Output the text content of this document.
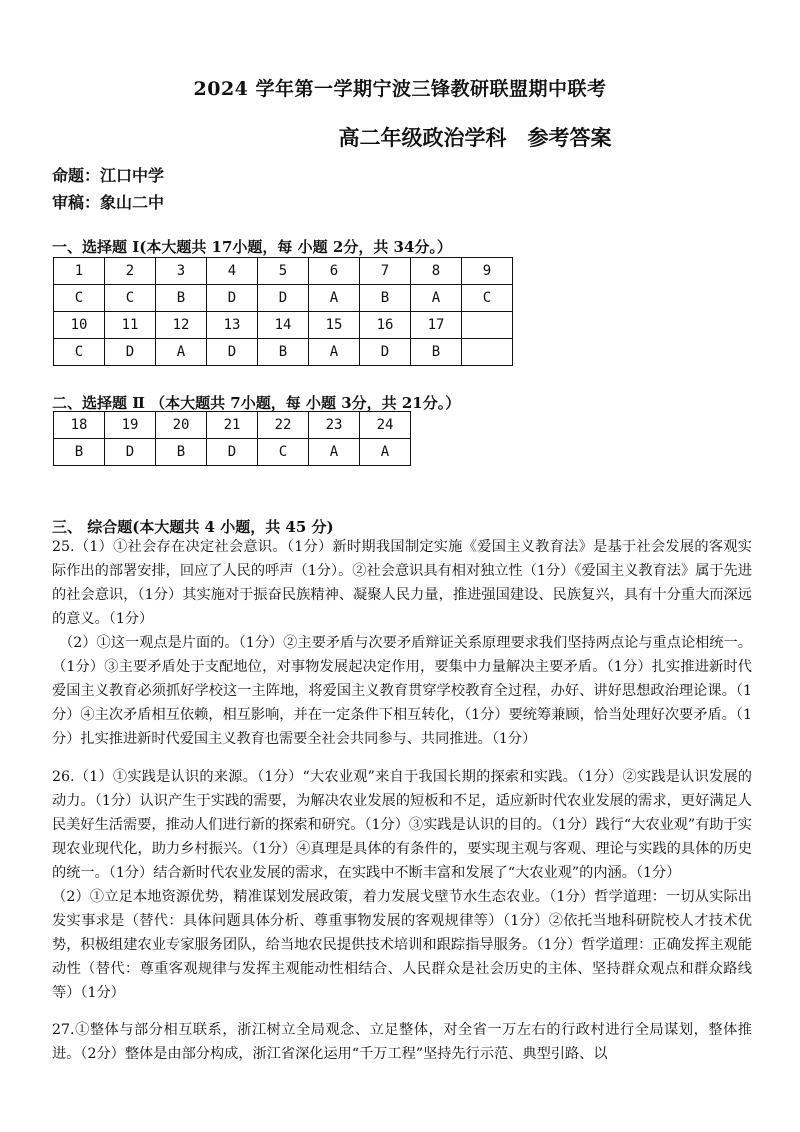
2024 学年第一学期宁波三锋教研联盟期中联考
高二年级政治学科　参考答案
命题：江口中学
审稿：象山二中
一、选择题 I(本大题共 17小题，每 小题 2分，共 34分。）
1	2	3	4	5	6	7	8	9
C	C	B	D	D	A	B	A	C
10	11	12	13	14	15	16	17	
C	D	A	D	B	A	D	B	
二、选择题 Ⅱ （本大题共 7小题，每 小题 3分，共 21分。）
18	19	20	21	22	23	24
B	D	B	D	C	A	A
三、 综合题(本大题共 4 小题，共 45 分)

25.（1）①社会存在决定社会意识。（1分）新时期我国制定实施《爱国主义教育法》是基于社会发展的客观实际作出的部署安排，回应了人民的呼声（1分）。②社会意识具有相对独立性（1分）《爱国主义教育法》属于先进的社会意识，（1分）其实施对于振奋民族精神、凝聚人民力量，推进强国建设、民族复兴，具有十分重大而深远的意义。（1分）

（2）①这一观点是片面的。（1分）②主要矛盾与次要矛盾辩证关系原理要求我们坚持两点论与重点论相统一。（1分）③主要矛盾处于支配地位，对事物发展起决定作用，要集中力量解决主要矛盾。（1分）扎实推进新时代爱国主义教育必须抓好学校这一主阵地，将爱国主义教育贯穿学校教育全过程，办好、讲好思想政治理论课。（1分）④主次矛盾相互依赖，相互影响，并在一定条件下相互转化，（1分）要统筹兼顾，恰当处理好次要矛盾。（1分）扎实推进新时代爱国主义教育也需要全社会共同参与、共同推进。（1分）

26.（1）①实践是认识的来源。（1分）“大农业观”来自于我国长期的探索和实践。（1分）②实践是认识发展的动力。（1分）认识产生于实践的需要，为解决农业发展的短板和不足，适应新时代农业发展的需求，更好满足人民美好生活需要，推动人们进行新的探索和研究。（1分）③实践是认识的目的。（1分）践行“大农业观”有助于实现农业现代化，助力乡村振兴。（1分）④真理是具体的有条件的，要实现主观与客观、理论与实践的具体的历史的统一。（1分）结合新时代农业发展的需求，在实践中不断丰富和发展了“大农业观”的内涵。（1分）

（2）①立足本地资源优势，精准谋划发展政策，着力发展戈壁节水生态农业。（1分）哲学道理：一切从实际出发实事求是（替代：具体问题具体分析、尊重事物发展的客观规律等）（1分）②依托当地科研院校人才技术优势，积极组建农业专家服务团队，给当地农民提供技术培训和跟踪指导服务。（1分）哲学道理：正确发挥主观能动性（替代：尊重客观规律与发挥主观能动性相结合、人民群众是社会历史的主体、坚持群众观点和群众路线等）（1分）

27.①整体与部分相互联系，浙江树立全局观念、立足整体，对全省一万左右的行政村进行全局谋划，整体推进。（2分）整体是由部分构成，浙江省深化运用“千万工程”坚持先行示范、典型引路、以
